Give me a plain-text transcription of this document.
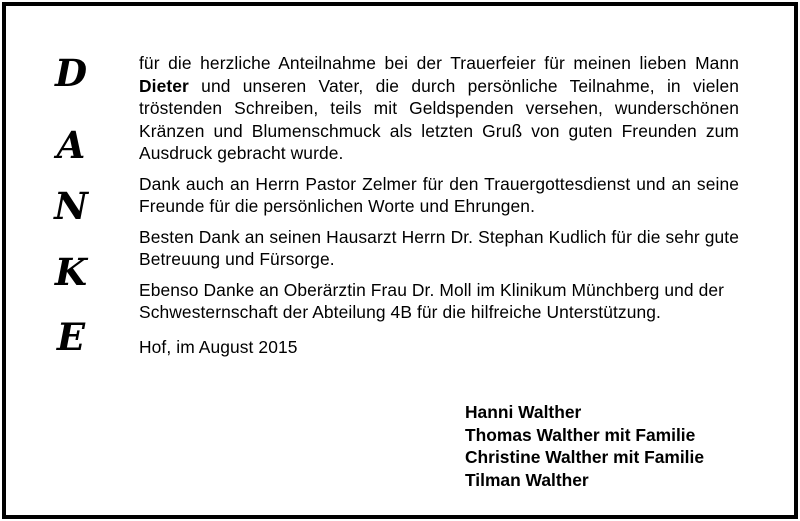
D
A
N
K
E

für die herzliche Anteilnahme bei der Trauerfeier für meinen lieben Mann Dieter und unseren Vater, die durch persönliche Teilnahme, in vielen tröstenden Schreiben, teils mit Geldspenden versehen, wunderschönen Kränzen und Blumenschmuck als letzten Gruß von guten Freunden zum Ausdruck gebracht wurde.

Dank auch an Herrn Pastor Zelmer für den Trauergottesdienst und an seine Freunde für die persönlichen Worte und Ehrungen.

Besten Dank an seinen Hausarzt Herrn Dr. Stephan Kudlich für die sehr gute Betreuung und Fürsorge.

Ebenso Danke an Oberärztin Frau Dr. Moll im Klinikum Münchberg und der Schwesternschaft der Abteilung 4B für die hilfreiche Unterstützung.

Hof, im August 2015

Hanni Walther
Thomas Walther mit Familie
Christine Walther mit Familie
Tilman Walther
